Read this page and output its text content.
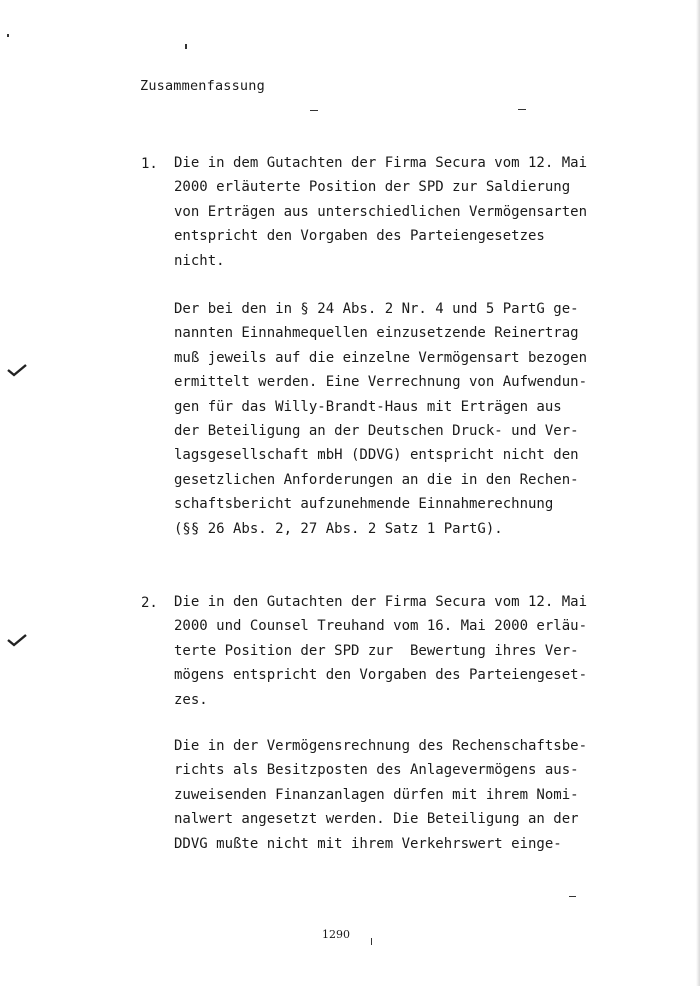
Zusammenfassung
1. Die in dem Gutachten der Firma Secura vom 12. Mai
2000 erläuterte Position der SPD zur Saldierung
von Erträgen aus unterschiedlichen Vermögensarten
entspricht den Vorgaben des Parteiengesetzes
nicht.
Der bei den in § 24 Abs. 2 Nr. 4 und 5 PartG ge-
nannten Einnahmequellen einzusetzende Reinertrag
muß jeweils auf die einzelne Vermögensart bezogen
ermittelt werden. Eine Verrechnung von Aufwendun-
gen für das Willy-Brandt-Haus mit Erträgen aus
der Beteiligung an der Deutschen Druck- und Ver-
lagsgesellschaft mbH (DDVG) entspricht nicht den
gesetzlichen Anforderungen an die in den Rechen-
schaftsbericht aufzunehmende Einnahmerechnung
(§§ 26 Abs. 2, 27 Abs. 2 Satz 1 PartG).
2. Die in den Gutachten der Firma Secura vom 12. Mai
2000 und Counsel Treuhand vom 16. Mai 2000 erläu-
terte Position der SPD zur  Bewertung ihres Ver-
mögens entspricht den Vorgaben des Parteiengeset-
zes.
Die in der Vermögensrechnung des Rechenschaftsbe-
richts als Besitzposten des Anlagevermögens aus-
zuweisenden Finanzanlagen dürfen mit ihrem Nomi-
nalwert angesetzt werden. Die Beteiligung an der
DDVG mußte nicht mit ihrem Verkehrswert einge-
1290
